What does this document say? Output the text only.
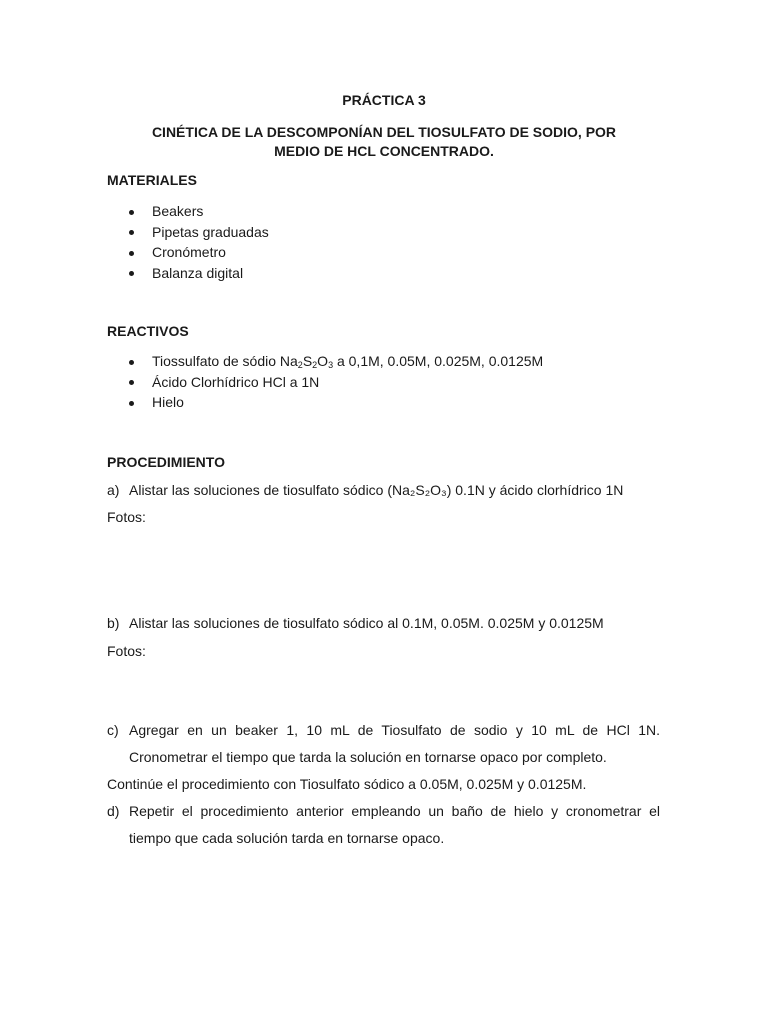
PRÁCTICA 3
CINÉTICA DE LA DESCOMPONÍAN DEL TIOSULFATO DE SODIO, POR
MEDIO DE HCL CONCENTRADO.
MATERIALES
Beakers
Pipetas graduadas
Cronómetro
Balanza digital
REACTIVOS
Tiossulfato de sódio $Na_2S_2O_3$ a 0,1M, 0.05M, 0.025M, 0.0125M
Ácido Clorhídrico HCl a 1N
Hielo
PROCEDIMIENTO
a) Alistar las soluciones de tiosulfato sódico (Na₂S₂O₃) 0.1N y ácido clorhídrico 1N
Fotos:
b) Alistar las soluciones de tiosulfato sódico al 0.1M, 0.05M. 0.025M y 0.0125M
Fotos:
c) Agregar en un beaker 1, 10 mL de Tiosulfato de sodio y 10 mL de HCl 1N.
Cronometrar el tiempo que tarda la solución en tornarse opaco por completo.
Continúe el procedimiento con Tiosulfato sódico a 0.05M, 0.025M y 0.0125M.
d) Repetir el procedimiento anterior empleando un baño de hielo y cronometrar el
tiempo que cada solución tarda en tornarse opaco.
